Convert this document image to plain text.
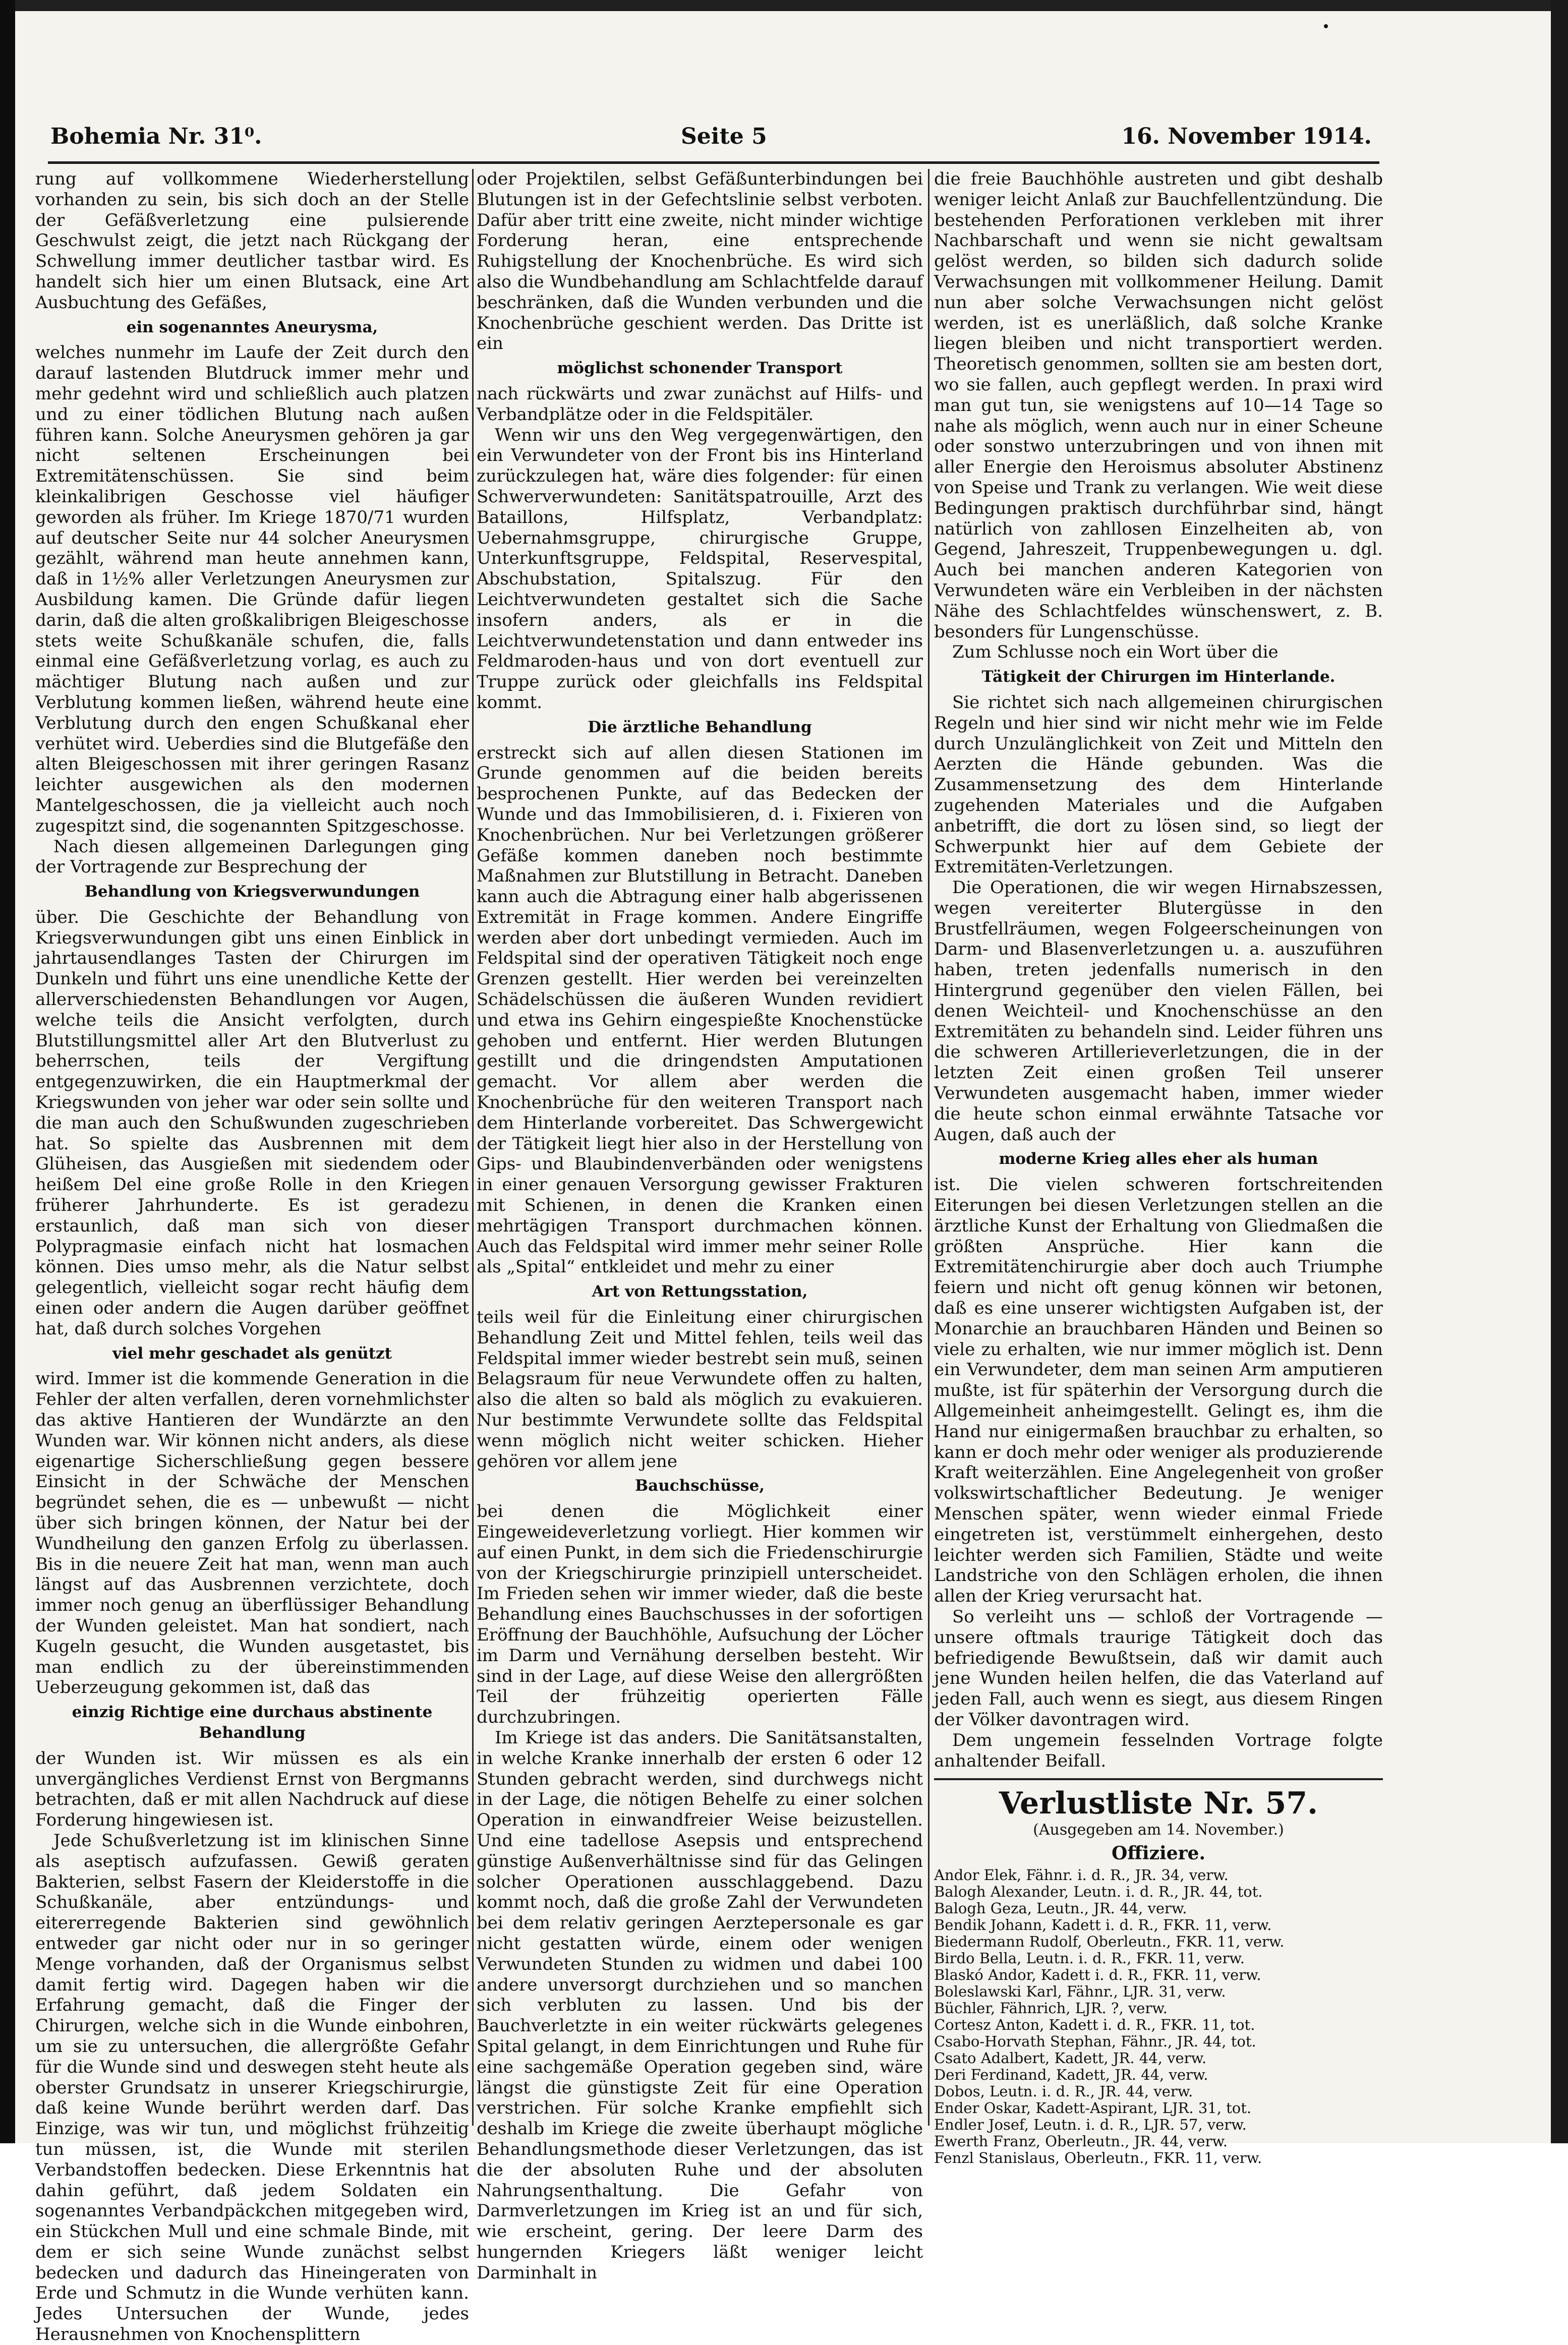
Bohemia Nr. 31⁰.	Seite 5	16. November 1914.

rung auf vollkommene Wiederherstellung vorhanden zu sein, bis sich doch an der Stelle der Gefäßverletzung eine pulsierende Geschwulst zeigt, die jetzt nach Rückgang der Schwellung immer deutlicher tastbar wird. Es handelt sich hier um einen Blutsack, eine Art Ausbuchtung des Gefäßes,

ein sogenanntes Aneurysma,

welches nunmehr im Laufe der Zeit durch den darauf lastenden Blutdruck immer mehr und mehr gedehnt wird und schließlich auch platzen und zu einer tödlichen Blutung nach außen führen kann. Solche Aneurysmen gehören ja gar nicht seltenen Erscheinungen bei Extremitätenschüssen. Sie sind beim kleinkalibrigen Geschosse viel häufiger geworden als früher. Im Kriege 1870/71 wurden auf deutscher Seite nur 44 solcher Aneurysmen gezählt, während man heute annehmen kann, daß in 1½% aller Verletzungen Aneurysmen zur Ausbildung kamen. Die Gründe dafür liegen darin, daß die alten großkalibrigen Bleigeschosse stets weite Schußkanäle schufen, die, falls einmal eine Gefäßverletzung vorlag, es auch zu mächtiger Blutung nach außen und zur Verblutung kommen ließen, während heute eine Verblutung durch den engen Schußkanal eher verhütet wird. Ueberdies sind die Blutgefäße den alten Bleigeschossen mit ihrer geringen Rasanz leichter ausgewichen als den modernen Mantelgeschossen, die ja vielleicht auch noch zugespitzt sind, die sogenannten Spitzgeschosse.

Nach diesen allgemeinen Darlegungen ging der Vortragende zur Besprechung der

Behandlung von Kriegsverwundungen

über. Die Geschichte der Behandlung von Kriegsverwundungen gibt uns einen Einblick in jahrtausendlanges Tasten der Chirurgen im Dunkeln und führt uns eine unendliche Kette der allerverschiedensten Behandlungen vor Augen, welche teils die Ansicht verfolgten, durch Blutstillungsmittel aller Art den Blutverlust zu beherrschen, teils der Vergiftung entgegenzuwirken, die ein Hauptmerkmal der Kriegswunden von jeher war oder sein sollte und die man auch den Schußwunden zugeschrieben hat. So spielte das Ausbrennen mit dem Glüheisen, das Ausgießen mit siedendem oder heißem Del eine große Rolle in den Kriegen früherer Jahrhunderte. Es ist geradezu erstaunlich, daß man sich von dieser Polypragmasie einfach nicht hat losmachen können. Dies umso mehr, als die Natur selbst gelegentlich, vielleicht sogar recht häufig dem einen oder andern die Augen darüber geöffnet hat, daß durch solches Vorgehen

viel mehr geschadet als genützt

wird. Immer ist die kommende Generation in die Fehler der alten verfallen, deren vornehmlichster das aktive Hantieren der Wundärzte an den Wunden war. Wir können nicht anders, als diese eigenartige Sicherschließung gegen bessere Einsicht in der Schwäche der Menschen begründet sehen, die es — unbewußt — nicht über sich bringen können, der Natur bei der Wundheilung den ganzen Erfolg zu überlassen. Bis in die neuere Zeit hat man, wenn man auch längst auf das Ausbrennen verzichtete, doch immer noch genug an überflüssiger Behandlung der Wunden geleistet. Man hat sondiert, nach Kugeln gesucht, die Wunden ausgetastet, bis man endlich zu der übereinstimmenden Ueberzeugung gekommen ist, daß das

einzig Richtige eine durchaus abstinente Behandlung

der Wunden ist. Wir müssen es als ein unvergängliches Verdienst Ernst von Bergmanns betrachten, daß er mit allen Nachdruck auf diese Forderung hingewiesen ist.

Jede Schußverletzung ist im klinischen Sinne als aseptisch aufzufassen. Gewiß geraten Bakterien, selbst Fasern der Kleiderstoffe in die Schußkanäle, aber entzündungs- und eitererregende Bakterien sind gewöhnlich entweder gar nicht oder nur in so geringer Menge vorhanden, daß der Organismus selbst damit fertig wird. Dagegen haben wir die Erfahrung gemacht, daß die Finger der Chirurgen, welche sich in die Wunde einbohren, um sie zu untersuchen, die allergrößte Gefahr für die Wunde sind und deswegen steht heute als oberster Grundsatz in unserer Kriegschirurgie, daß keine Wunde berührt werden darf. Das Einzige, was wir tun, und möglichst frühzeitig tun müssen, ist, die Wunde mit sterilen Verbandstoffen bedecken. Diese Erkenntnis hat dahin geführt, daß jedem Soldaten ein sogenanntes Verbandpäckchen mitgegeben wird, ein Stückchen Mull und eine schmale Binde, mit dem er sich seine Wunde zunächst selbst bedecken und dadurch das Hineingeraten von Erde und Schmutz in die Wunde verhüten kann. Jedes Untersuchen der Wunde, jedes Herausnehmen von Knochensplittern

oder Projektilen, selbst Gefäßunterbindungen bei Blutungen ist in der Gefechtslinie selbst verboten. Dafür aber tritt eine zweite, nicht minder wichtige Forderung heran, eine entsprechende Ruhigstellung der Knochenbrüche. Es wird sich also die Wundbehandlung am Schlachtfelde darauf beschränken, daß die Wunden verbunden und die Knochenbrüche geschient werden. Das Dritte ist ein

möglichst schonender Transport

nach rückwärts und zwar zunächst auf Hilfs- und Verbandplätze oder in die Feldspitäler.

Wenn wir uns den Weg vergegenwärtigen, den ein Verwundeter von der Front bis ins Hinterland zurückzulegen hat, wäre dies folgender: für einen Schwerverwundeten: Sanitätspatrouille, Arzt des Bataillons, Hilfsplatz, Verbandplatz: Uebernahmsgruppe, chirurgische Gruppe, Unterkunftsgruppe, Feldspital, Reservespital, Abschubstation, Spitalszug. Für den Leichtverwundeten gestaltet sich die Sache insofern anders, als er in die Leichtverwundetenstation und dann entweder ins Feldmaroden-haus und von dort eventuell zur Truppe zurück oder gleichfalls ins Feldspital kommt.

Die ärztliche Behandlung

erstreckt sich auf allen diesen Stationen im Grunde genommen auf die beiden bereits besprochenen Punkte, auf das Bedecken der Wunde und das Immobilisieren, d. i. Fixieren von Knochenbrüchen. Nur bei Verletzungen größerer Gefäße kommen daneben noch bestimmte Maßnahmen zur Blutstillung in Betracht. Daneben kann auch die Abtragung einer halb abgerissenen Extremität in Frage kommen. Andere Eingriffe werden aber dort unbedingt vermieden. Auch im Feldspital sind der operativen Tätigkeit noch enge Grenzen gestellt. Hier werden bei vereinzelten Schädelschüssen die äußeren Wunden revidiert und etwa ins Gehirn eingespießte Knochenstücke gehoben und entfernt. Hier werden Blutungen gestillt und die dringendsten Amputationen gemacht. Vor allem aber werden die Knochenbrüche für den weiteren Transport nach dem Hinterlande vorbereitet. Das Schwergewicht der Tätigkeit liegt hier also in der Herstellung von Gips- und Blaubindenverbänden oder wenigstens in einer genauen Versorgung gewisser Frakturen mit Schienen, in denen die Kranken einen mehrtägigen Transport durchmachen können. Auch das Feldspital wird immer mehr seiner Rolle als „Spital“ entkleidet und mehr zu einer

Art von Rettungsstation,

teils weil für die Einleitung einer chirurgischen Behandlung Zeit und Mittel fehlen, teils weil das Feldspital immer wieder bestrebt sein muß, seinen Belagsraum für neue Verwundete offen zu halten, also die alten so bald als möglich zu evakuieren. Nur bestimmte Verwundete sollte das Feldspital wenn möglich nicht weiter schicken. Hieher gehören vor allem jene

Bauchschüsse,

bei denen die Möglichkeit einer Eingeweideverletzung vorliegt. Hier kommen wir auf einen Punkt, in dem sich die Friedenschirurgie von der Kriegschirurgie prinzipiell unterscheidet. Im Frieden sehen wir immer wieder, daß die beste Behandlung eines Bauchschusses in der sofortigen Eröffnung der Bauchhöhle, Aufsuchung der Löcher im Darm und Vernähung derselben besteht. Wir sind in der Lage, auf diese Weise den allergrößten Teil der frühzeitig operierten Fälle durchzubringen.

Im Kriege ist das anders. Die Sanitätsanstalten, in welche Kranke innerhalb der ersten 6 oder 12 Stunden gebracht werden, sind durchwegs nicht in der Lage, die nötigen Behelfe zu einer solchen Operation in einwandfreier Weise beizustellen. Und eine tadellose Asepsis und entsprechend günstige Außenverhältnisse sind für das Gelingen solcher Operationen ausschlaggebend. Dazu kommt noch, daß die große Zahl der Verwundeten bei dem relativ geringen Aerztepersonale es gar nicht gestatten würde, einem oder wenigen Verwundeten Stunden zu widmen und dabei 100 andere unversorgt durchziehen und so manchen sich verbluten zu lassen. Und bis der Bauchverletzte in ein weiter rückwärts gelegenes Spital gelangt, in dem Einrichtungen und Ruhe für eine sachgemäße Operation gegeben sind, wäre längst die günstigste Zeit für eine Operation verstrichen. Für solche Kranke empfiehlt sich deshalb im Kriege die zweite überhaupt mögliche Behandlungsmethode dieser Verletzungen, das ist die der absoluten Ruhe und der absoluten Nahrungsenthaltung. Die Gefahr von Darmverletzungen im Krieg ist an und für sich, wie erscheint, gering. Der leere Darm des hungernden Kriegers läßt weniger leicht Darminhalt in

die freie Bauchhöhle austreten und gibt deshalb weniger leicht Anlaß zur Bauchfellentzündung. Die bestehenden Perforationen verkleben mit ihrer Nachbarschaft und wenn sie nicht gewaltsam gelöst werden, so bilden sich dadurch solide Verwachsungen mit vollkommener Heilung. Damit nun aber solche Verwachsungen nicht gelöst werden, ist es unerläßlich, daß solche Kranke liegen bleiben und nicht transportiert werden. Theoretisch genommen, sollten sie am besten dort, wo sie fallen, auch gepflegt werden. In praxi wird man gut tun, sie wenigstens auf 10—14 Tage so nahe als möglich, wenn auch nur in einer Scheune oder sonstwo unterzubringen und von ihnen mit aller Energie den Heroismus absoluter Abstinenz von Speise und Trank zu verlangen. Wie weit diese Bedingungen praktisch durchführbar sind, hängt natürlich von zahllosen Einzelheiten ab, von Gegend, Jahreszeit, Truppenbewegungen u. dgl. Auch bei manchen anderen Kategorien von Verwundeten wäre ein Verbleiben in der nächsten Nähe des Schlachtfeldes wünschenswert, z. B. besonders für Lungenschüsse.

Zum Schlusse noch ein Wort über die

Tätigkeit der Chirurgen im Hinterlande.

Sie richtet sich nach allgemeinen chirurgischen Regeln und hier sind wir nicht mehr wie im Felde durch Unzulänglichkeit von Zeit und Mitteln den Aerzten die Hände gebunden. Was die Zusammensetzung des dem Hinterlande zugehenden Materiales und die Aufgaben anbetrifft, die dort zu lösen sind, so liegt der Schwerpunkt hier auf dem Gebiete der Extremitäten-Verletzungen.

Die Operationen, die wir wegen Hirnabszessen, wegen vereiterter Blutergüsse in den Brustfellräumen, wegen Folgeerscheinungen von Darm- und Blasenverletzungen u. a. auszuführen haben, treten jedenfalls numerisch in den Hintergrund gegenüber den vielen Fällen, bei denen Weichteil- und Knochenschüsse an den Extremitäten zu behandeln sind. Leider führen uns die schweren Artillerieverletzungen, die in der letzten Zeit einen großen Teil unserer Verwundeten ausgemacht haben, immer wieder die heute schon einmal erwähnte Tatsache vor Augen, daß auch der

moderne Krieg alles eher als human

ist. Die vielen schweren fortschreitenden Eiterungen bei diesen Verletzungen stellen an die ärztliche Kunst der Erhaltung von Gliedmaßen die größten Ansprüche. Hier kann die Extremitätenchirurgie aber doch auch Triumphe feiern und nicht oft genug können wir betonen, daß es eine unserer wichtigsten Aufgaben ist, der Monarchie an brauchbaren Händen und Beinen so viele zu erhalten, wie nur immer möglich ist. Denn ein Verwundeter, dem man seinen Arm amputieren mußte, ist für späterhin der Versorgung durch die Allgemeinheit anheimgestellt. Gelingt es, ihm die Hand nur einigermaßen brauchbar zu erhalten, so kann er doch mehr oder weniger als produzierende Kraft weiterzählen. Eine Angelegenheit von großer volkswirtschaftlicher Bedeutung. Je weniger Menschen später, wenn wieder einmal Friede eingetreten ist, verstümmelt einhergehen, desto leichter werden sich Familien, Städte und weite Landstriche von den Schlägen erholen, die ihnen allen der Krieg verursacht hat.

So verleiht uns — schloß der Vortragende — unsere oftmals traurige Tätigkeit doch das befriedigende Bewußtsein, daß wir damit auch jene Wunden heilen helfen, die das Vaterland auf jeden Fall, auch wenn es siegt, aus diesem Ringen der Völker davontragen wird.

Dem ungemein fesselnden Vortrage folgte anhaltender Beifall.

Verlustliste Nr. 57.
(Ausgegeben am 14. November.)
Offiziere.
Andor Elek, Fähnr. i. d. R., JR. 34, verw.
Balogh Alexander, Leutn. i. d. R., JR. 44, tot.
Balogh Geza, Leutn., JR. 44, verw.
Bendik Johann, Kadett i. d. R., FKR. 11, verw.
Biedermann Rudolf, Oberleutn., FKR. 11, verw.
Birdo Bella, Leutn. i. d. R., FKR. 11, verw.
Blaskó Andor, Kadett i. d. R., FKR. 11, verw.
Boleslawski Karl, Fähnr., LJR. 31, verw.
Büchler, Fähnrich, LJR. ?, verw.
Cortesz Anton, Kadett i. d. R., FKR. 11, tot.
Csabo-Horvath Stephan, Fähnr., JR. 44, tot.
Csato Adalbert, Kadett, JR. 44, verw.
Deri Ferdinand, Kadett, JR. 44, verw.
Dobos, Leutn. i. d. R., JR. 44, verw.
Ender Oskar, Kadett-Aspirant, LJR. 31, tot.
Endler Josef, Leutn. i. d. R., LJR. 57, verw.
Ewerth Franz, Oberleutn., JR. 44, verw.
Fenzl Stanislaus, Oberleutn., FKR. 11, verw.
